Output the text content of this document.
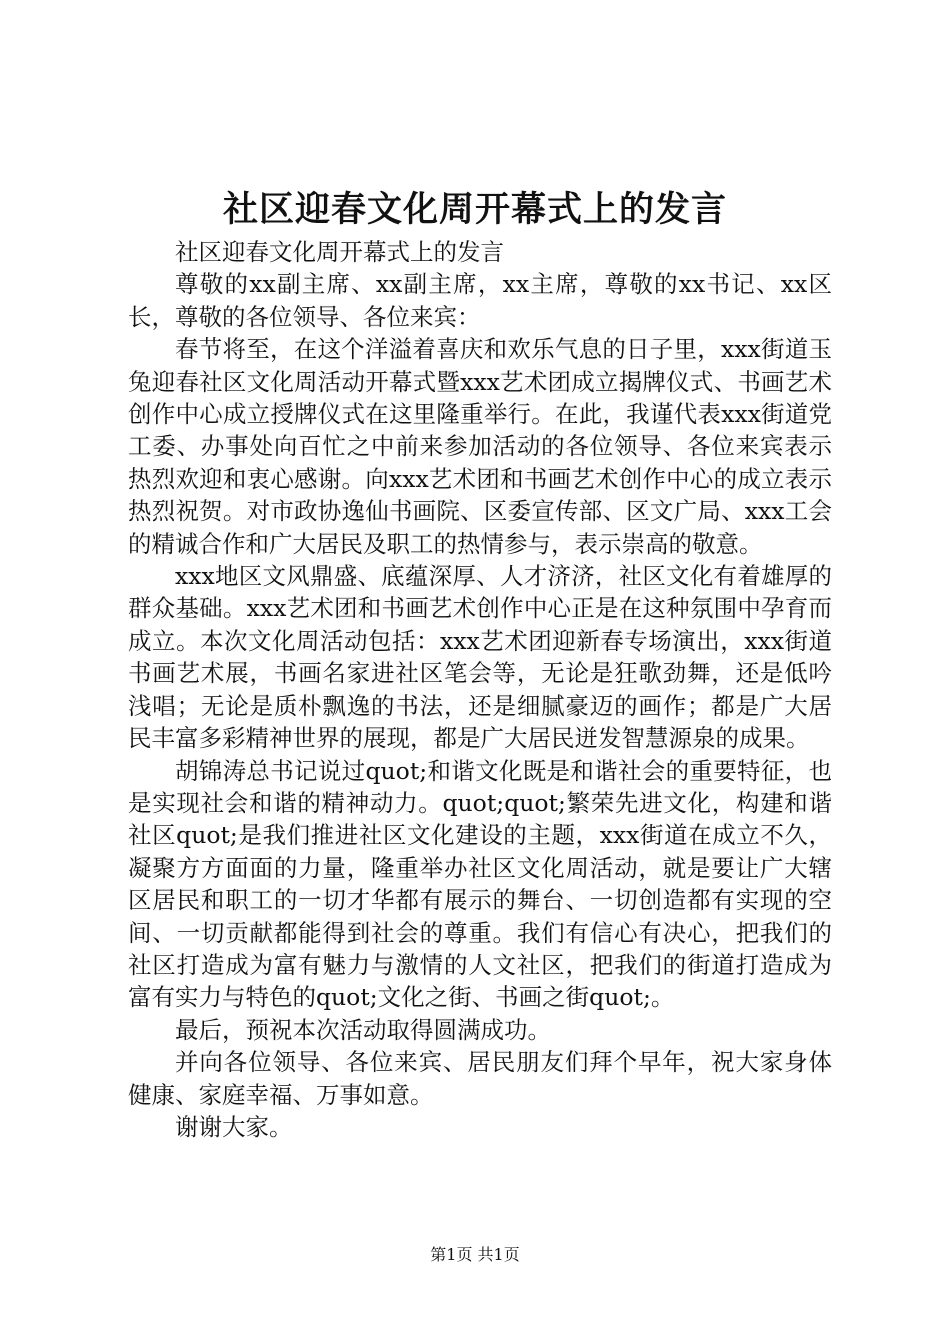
社区迎春文化周开幕式上的发言

社区迎春文化周开幕式上的发言

尊敬的xx副主席、xx副主席，xx主席，尊敬的xx书记、xx区长，尊敬的各位领导、各位来宾：

春节将至，在这个洋溢着喜庆和欢乐气息的日子里，xxx街道玉兔迎春社区文化周活动开幕式暨xxx艺术团成立揭牌仪式、书画艺术创作中心成立授牌仪式在这里隆重举行。在此，我谨代表xxx街道党工委、办事处向百忙之中前来参加活动的各位领导、各位来宾表示热烈欢迎和衷心感谢。向xxx艺术团和书画艺术创作中心的成立表示热烈祝贺。对市政协逸仙书画院、区委宣传部、区文广局、xxx工会的精诚合作和广大居民及职工的热情参与，表示崇高的敬意。

xxx地区文风鼎盛、底蕴深厚、人才济济，社区文化有着雄厚的群众基础。xxx艺术团和书画艺术创作中心正是在这种氛围中孕育而成立。本次文化周活动包括：xxx艺术团迎新春专场演出，xxx街道书画艺术展，书画名家进社区笔会等，无论是狂歌劲舞，还是低吟浅唱；无论是质朴飘逸的书法，还是细腻豪迈的画作；都是广大居民丰富多彩精神世界的展现，都是广大居民迸发智慧源泉的成果。

胡锦涛总书记说过quot;和谐文化既是和谐社会的重要特征，也是实现社会和谐的精神动力。quot;quot;繁荣先进文化，构建和谐社区quot;是我们推进社区文化建设的主题，xxx街道在成立不久，凝聚方方面面的力量，隆重举办社区文化周活动，就是要让广大辖区居民和职工的一切才华都有展示的舞台、一切创造都有实现的空间、一切贡献都能得到社会的尊重。我们有信心有决心，把我们的社区打造成为富有魅力与激情的人文社区，把我们的街道打造成为富有实力与特色的quot;文化之街、书画之街quot;。

最后，预祝本次活动取得圆满成功。

并向各位领导、各位来宾、居民朋友们拜个早年，祝大家身体健康、家庭幸福、万事如意。

谢谢大家。

第1页 共1页
